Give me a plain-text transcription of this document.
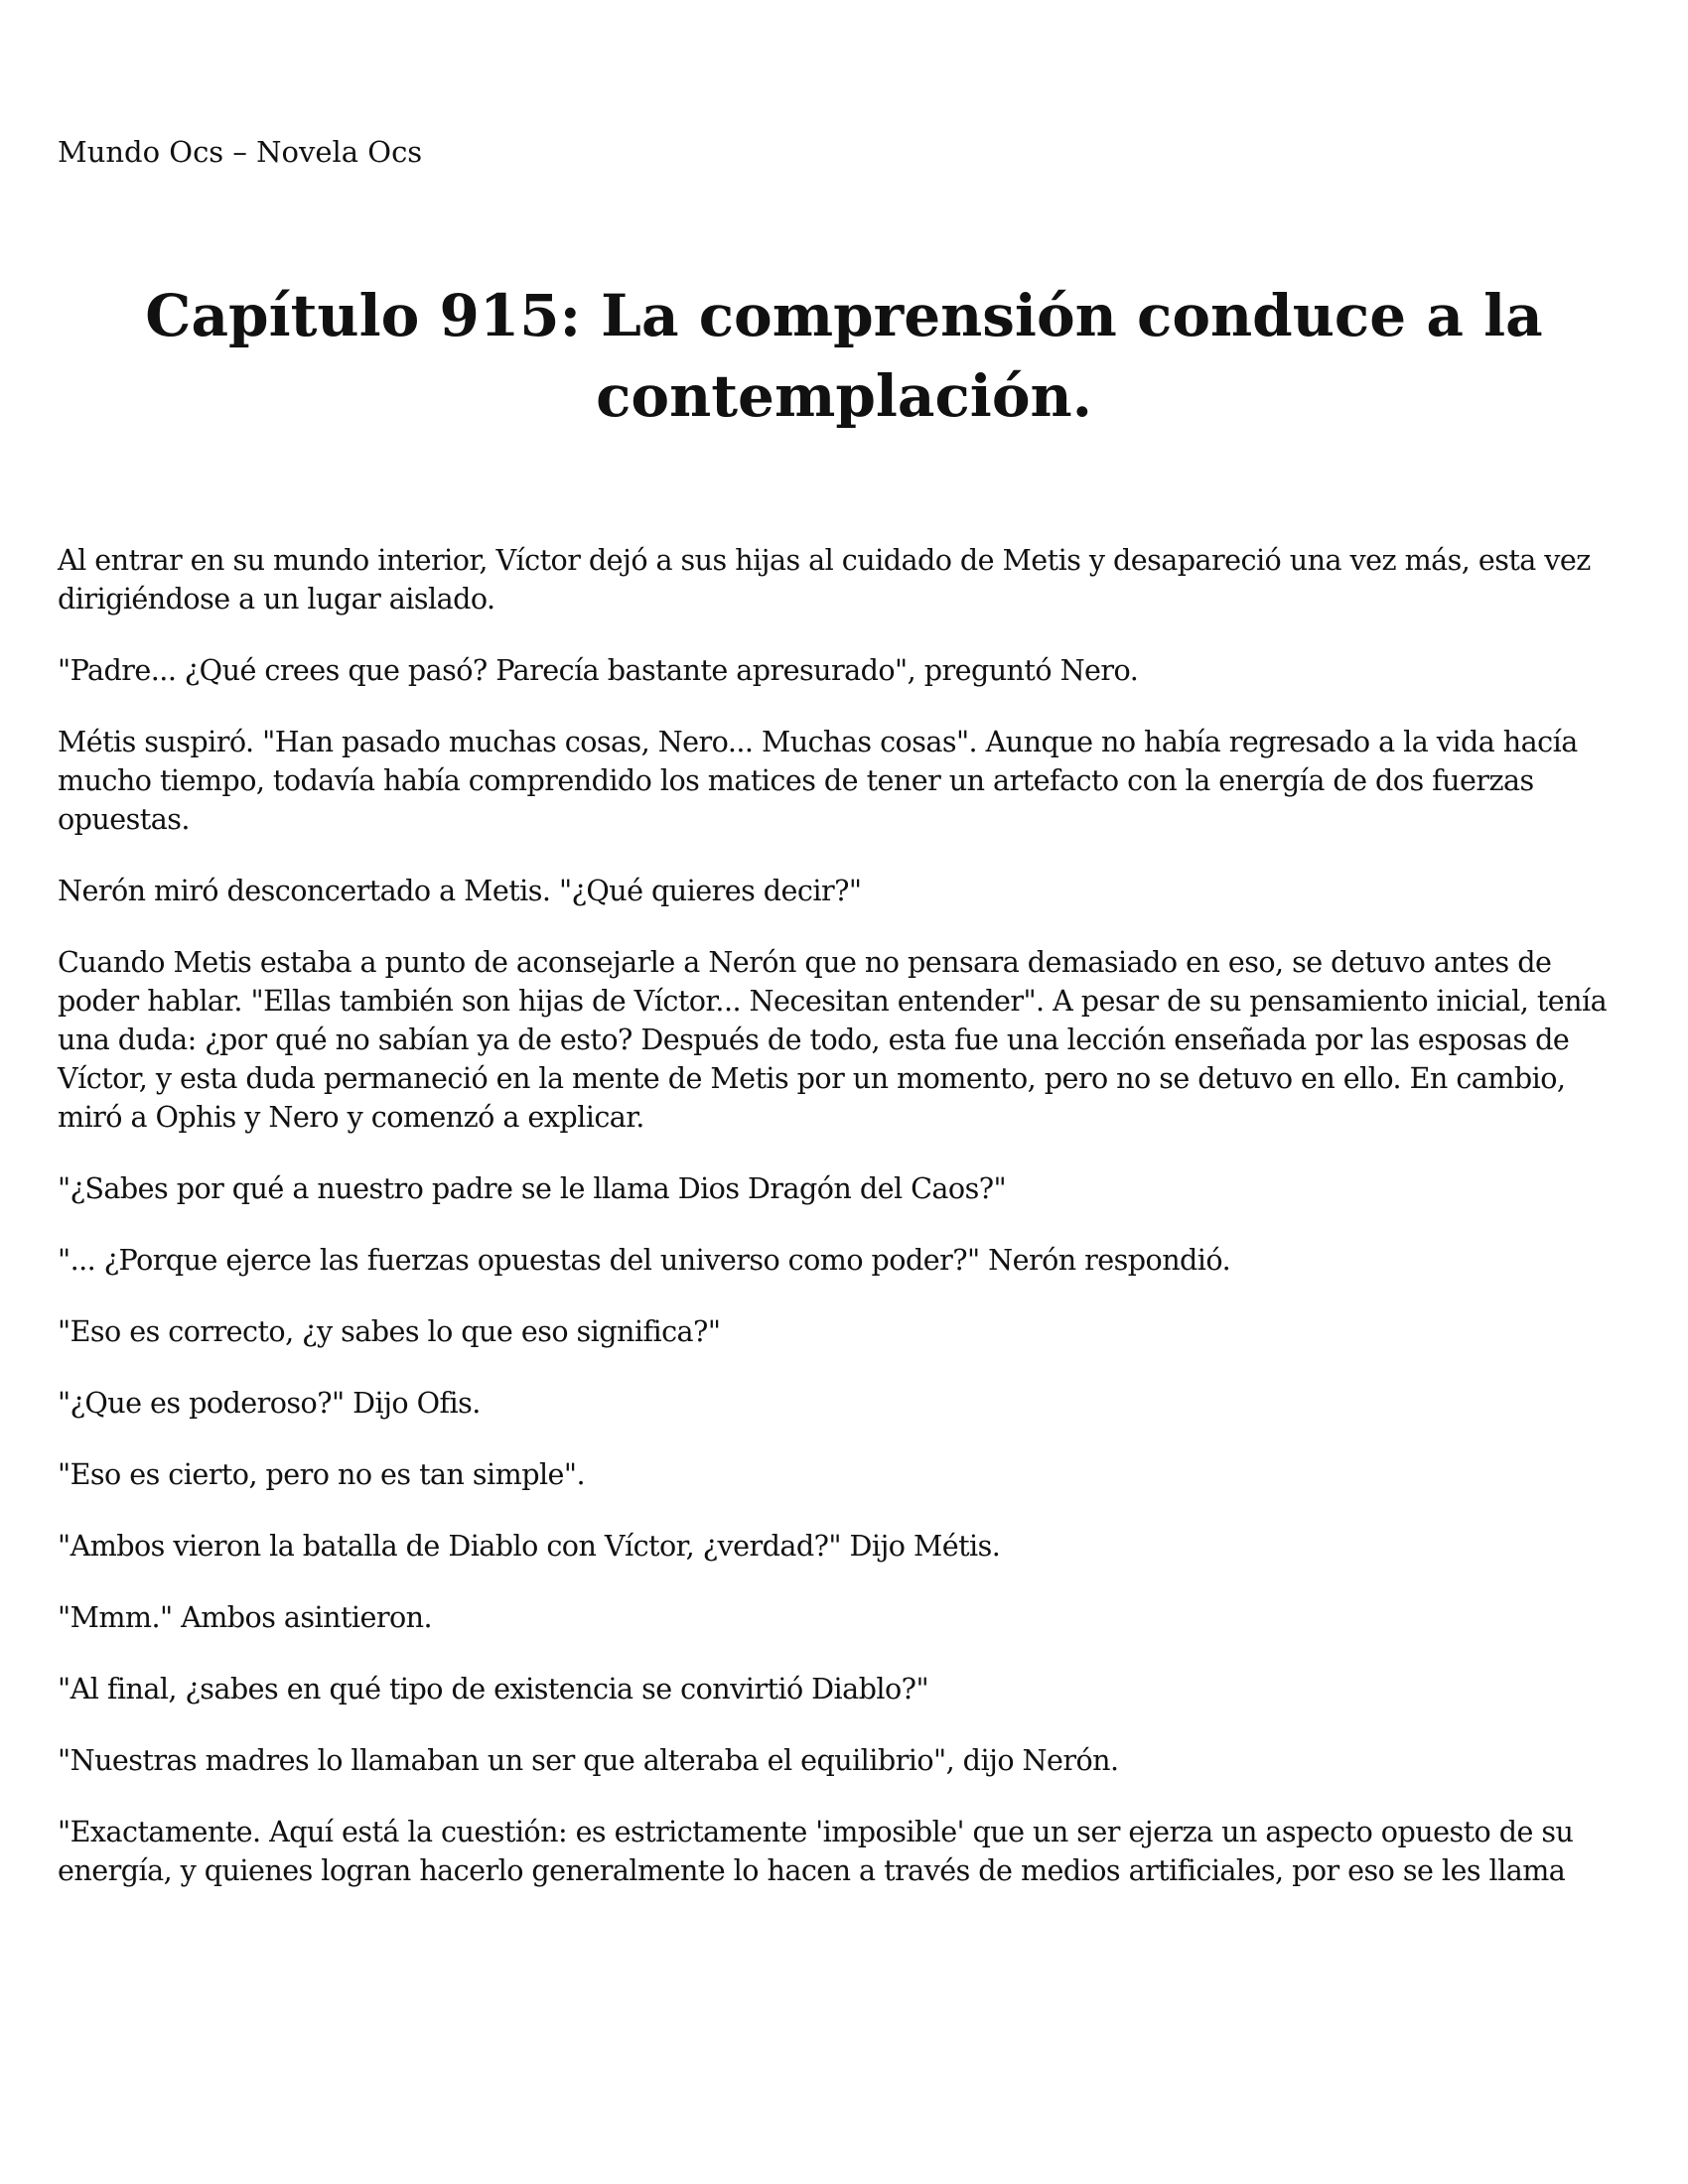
Mundo Ocs – Novela Ocs
Capítulo 915: La comprensión conduce a la
contemplación.

Al entrar en su mundo interior, Víctor dejó a sus hijas al cuidado de Metis y desapareció una vez más, esta vez dirigiéndose a un lugar aislado.

"Padre... ¿Qué crees que pasó? Parecía bastante apresurado", preguntó Nero.

Métis suspiró. "Han pasado muchas cosas, Nero... Muchas cosas". Aunque no había regresado a la vida hacía mucho tiempo, todavía había comprendido los matices de tener un artefacto con la energía de dos fuerzas opuestas.

Nerón miró desconcertado a Metis. "¿Qué quieres decir?"

Cuando Metis estaba a punto de aconsejarle a Nerón que no pensara demasiado en eso, se detuvo antes de poder hablar. "Ellas también son hijas de Víctor... Necesitan entender". A pesar de su pensamiento inicial, tenía una duda: ¿por qué no sabían ya de esto? Después de todo, esta fue una lección enseñada por las esposas de Víctor, y esta duda permaneció en la mente de Metis por un momento, pero no se detuvo en ello. En cambio, miró a Ophis y Nero y comenzó a explicar.

"¿Sabes por qué a nuestro padre se le llama Dios Dragón del Caos?"

"... ¿Porque ejerce las fuerzas opuestas del universo como poder?" Nerón respondió.

"Eso es correcto, ¿y sabes lo que eso significa?"

"¿Que es poderoso?" Dijo Ofis.

"Eso es cierto, pero no es tan simple".

"Ambos vieron la batalla de Diablo con Víctor, ¿verdad?" Dijo Métis.

"Mmm." Ambos asintieron.

"Al final, ¿sabes en qué tipo de existencia se convirtió Diablo?"

"Nuestras madres lo llamaban un ser que alteraba el equilibrio", dijo Nerón.

"Exactamente. Aquí está la cuestión: es estrictamente 'imposible' que un ser ejerza un aspecto opuesto de su energía, y quienes logran hacerlo generalmente lo hacen a través de medios artificiales, por eso se les llama
